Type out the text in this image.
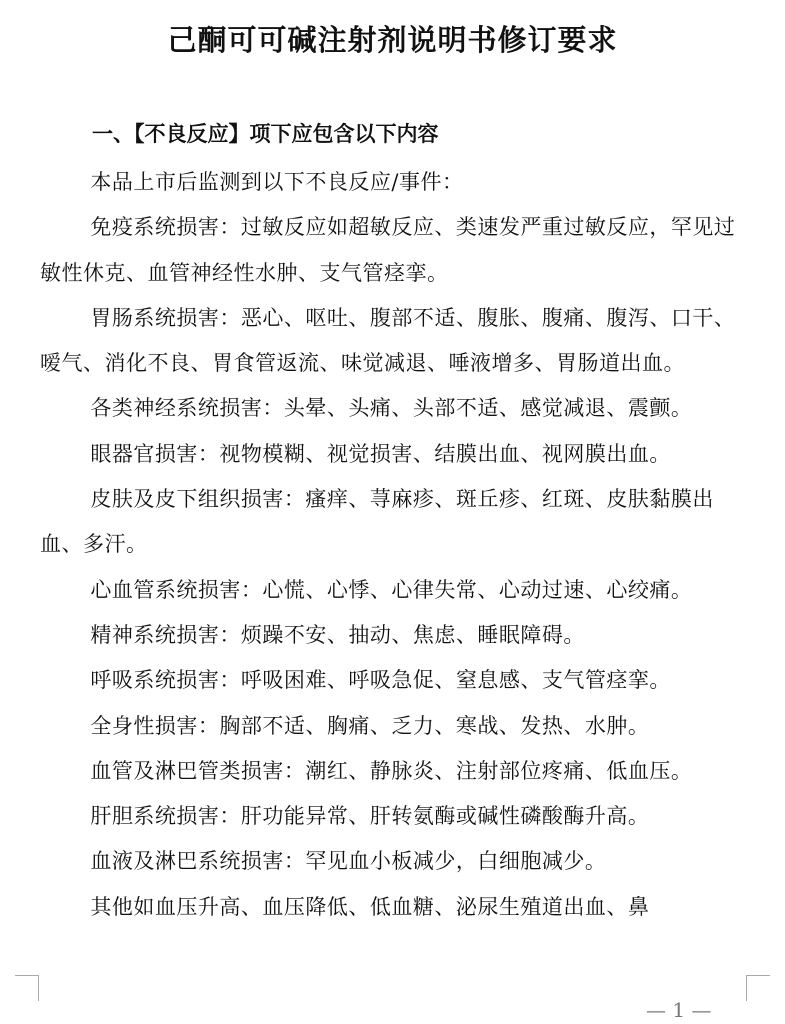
己酮可可碱注射剂说明书修订要求
一、【不良反应】项下应包含以下内容

本品上市后监测到以下不良反应/事件：

免疫系统损害：过敏反应如超敏反应、类速发严重过敏反应，罕见过敏性休克、血管神经性水肿、支气管痉挛。

胃肠系统损害：恶心、呕吐、腹部不适、腹胀、腹痛、腹泻、口干、嗳气、消化不良、胃食管返流、味觉减退、唾液增多、胃肠道出血。

各类神经系统损害：头晕、头痛、头部不适、感觉减退、震颤。

眼器官损害：视物模糊、视觉损害、结膜出血、视网膜出血。

皮肤及皮下组织损害：瘙痒、荨麻疹、斑丘疹、红斑、皮肤黏膜出血、多汗。

心血管系统损害：心慌、心悸、心律失常、心动过速、心绞痛。

精神系统损害：烦躁不安、抽动、焦虑、睡眠障碍。

呼吸系统损害：呼吸困难、呼吸急促、窒息感、支气管痉挛。

全身性损害：胸部不适、胸痛、乏力、寒战、发热、水肿。

血管及淋巴管类损害：潮红、静脉炎、注射部位疼痛、低血压。

肝胆系统损害：肝功能异常、肝转氨酶或碱性磷酸酶升高。

血液及淋巴系统损害：罕见血小板减少，白细胞减少。

其他如血压升高、血压降低、低血糖、泌尿生殖道出血、鼻

— 1 —
